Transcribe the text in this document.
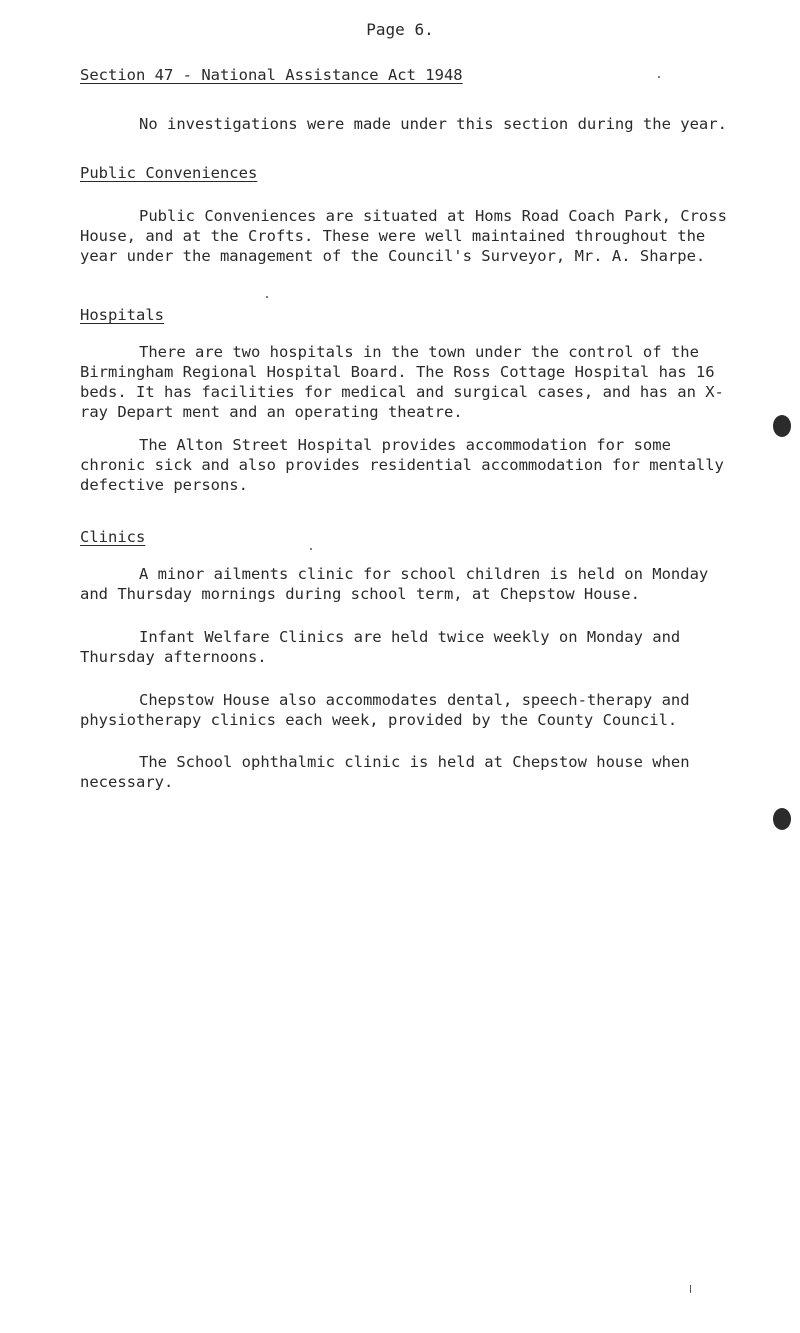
Page 6.
Section 47 - National Assistance Act 1948

No investigations were made under this section during the year.

Public Conveniences

Public Conveniences are situated at Homs Road Coach Park, Cross House, and at the Crofts. These were well maintained throughout the year under the management of the Council's Surveyor, Mr. A. Sharpe.

Hospitals

There are two hospitals in the town under the control of the Birmingham Regional Hospital Board. The Ross Cottage Hospital has 16 beds. It has facilities for medical and surgical cases, and has an X-ray Depart ment and an operating theatre.

The Alton Street Hospital provides accommodation for some chronic sick and also provides residential accommodation for mentally defective persons.

Clinics

A minor ailments clinic for school children is held on Monday and Thursday mornings during school term, at Chepstow House.

Infant Welfare Clinics are held twice weekly on Monday and Thursday afternoons.

Chepstow House also accommodates dental, speech-therapy and physiotherapy clinics each week, provided by the County Council.

The School ophthalmic clinic is held at Chepstow house when necessary.
